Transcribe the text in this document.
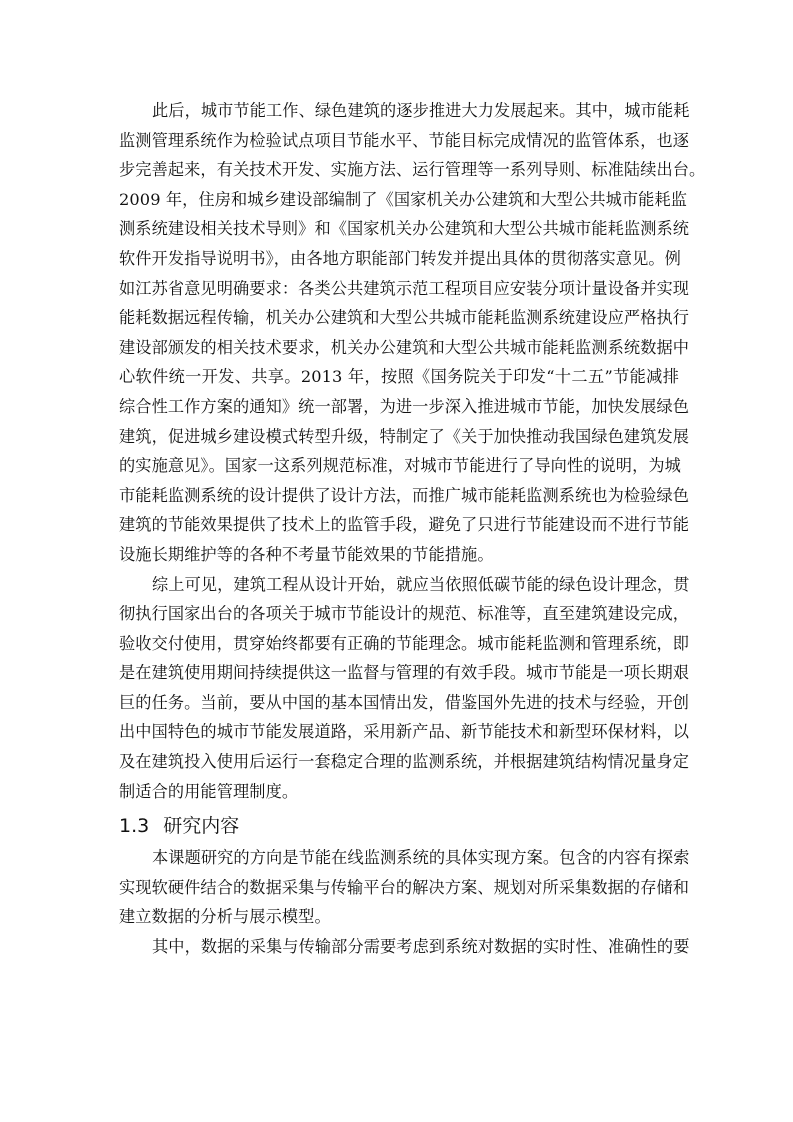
此后，城市节能工作、绿色建筑的逐步推进大力发展起来。其中，城市能耗
监测管理系统作为检验试点项目节能水平、节能目标完成情况的监管体系，也逐
步完善起来，有关技术开发、实施方法、运行管理等一系列导则、标准陆续出台。
2009 年，住房和城乡建设部编制了《国家机关办公建筑和大型公共城市能耗监
测系统建设相关技术导则》和《国家机关办公建筑和大型公共城市能耗监测系统
软件开发指导说明书》，由各地方职能部门转发并提出具体的贯彻落实意见。例
如江苏省意见明确要求：各类公共建筑示范工程项目应安装分项计量设备并实现
能耗数据远程传输，机关办公建筑和大型公共城市能耗监测系统建设应严格执行
建设部颁发的相关技术要求，机关办公建筑和大型公共城市能耗监测系统数据中
心软件统一开发、共享。2013 年，按照《国务院关于印发“十二五”节能减排
综合性工作方案的通知》统一部署，为进一步深入推进城市节能，加快发展绿色
建筑，促进城乡建设模式转型升级，特制定了《关于加快推动我国绿色建筑发展
的实施意见》。国家一这系列规范标准，对城市节能进行了导向性的说明，为城
市能耗监测系统的设计提供了设计方法，而推广城市能耗监测系统也为检验绿色
建筑的节能效果提供了技术上的监管手段，避免了只进行节能建设而不进行节能
设施长期维护等的各种不考量节能效果的节能措施。
综上可见，建筑工程从设计开始，就应当依照低碳节能的绿色设计理念，贯
彻执行国家出台的各项关于城市节能设计的规范、标准等，直至建筑建设完成，
验收交付使用，贯穿始终都要有正确的节能理念。城市能耗监测和管理系统，即
是在建筑使用期间持续提供这一监督与管理的有效手段。城市节能是一项长期艰
巨的任务。当前，要从中国的基本国情出发，借鉴国外先进的技术与经验，开创
出中国特色的城市节能发展道路，采用新产品、新节能技术和新型环保材料，以
及在建筑投入使用后运行一套稳定合理的监测系统，并根据建筑结构情况量身定
制适合的用能管理制度。
1.3 研究内容
本课题研究的方向是节能在线监测系统的具体实现方案。包含的内容有探索
实现软硬件结合的数据采集与传输平台的解决方案、规划对所采集数据的存储和
建立数据的分析与展示模型。
其中，数据的采集与传输部分需要考虑到系统对数据的实时性、准确性的要
